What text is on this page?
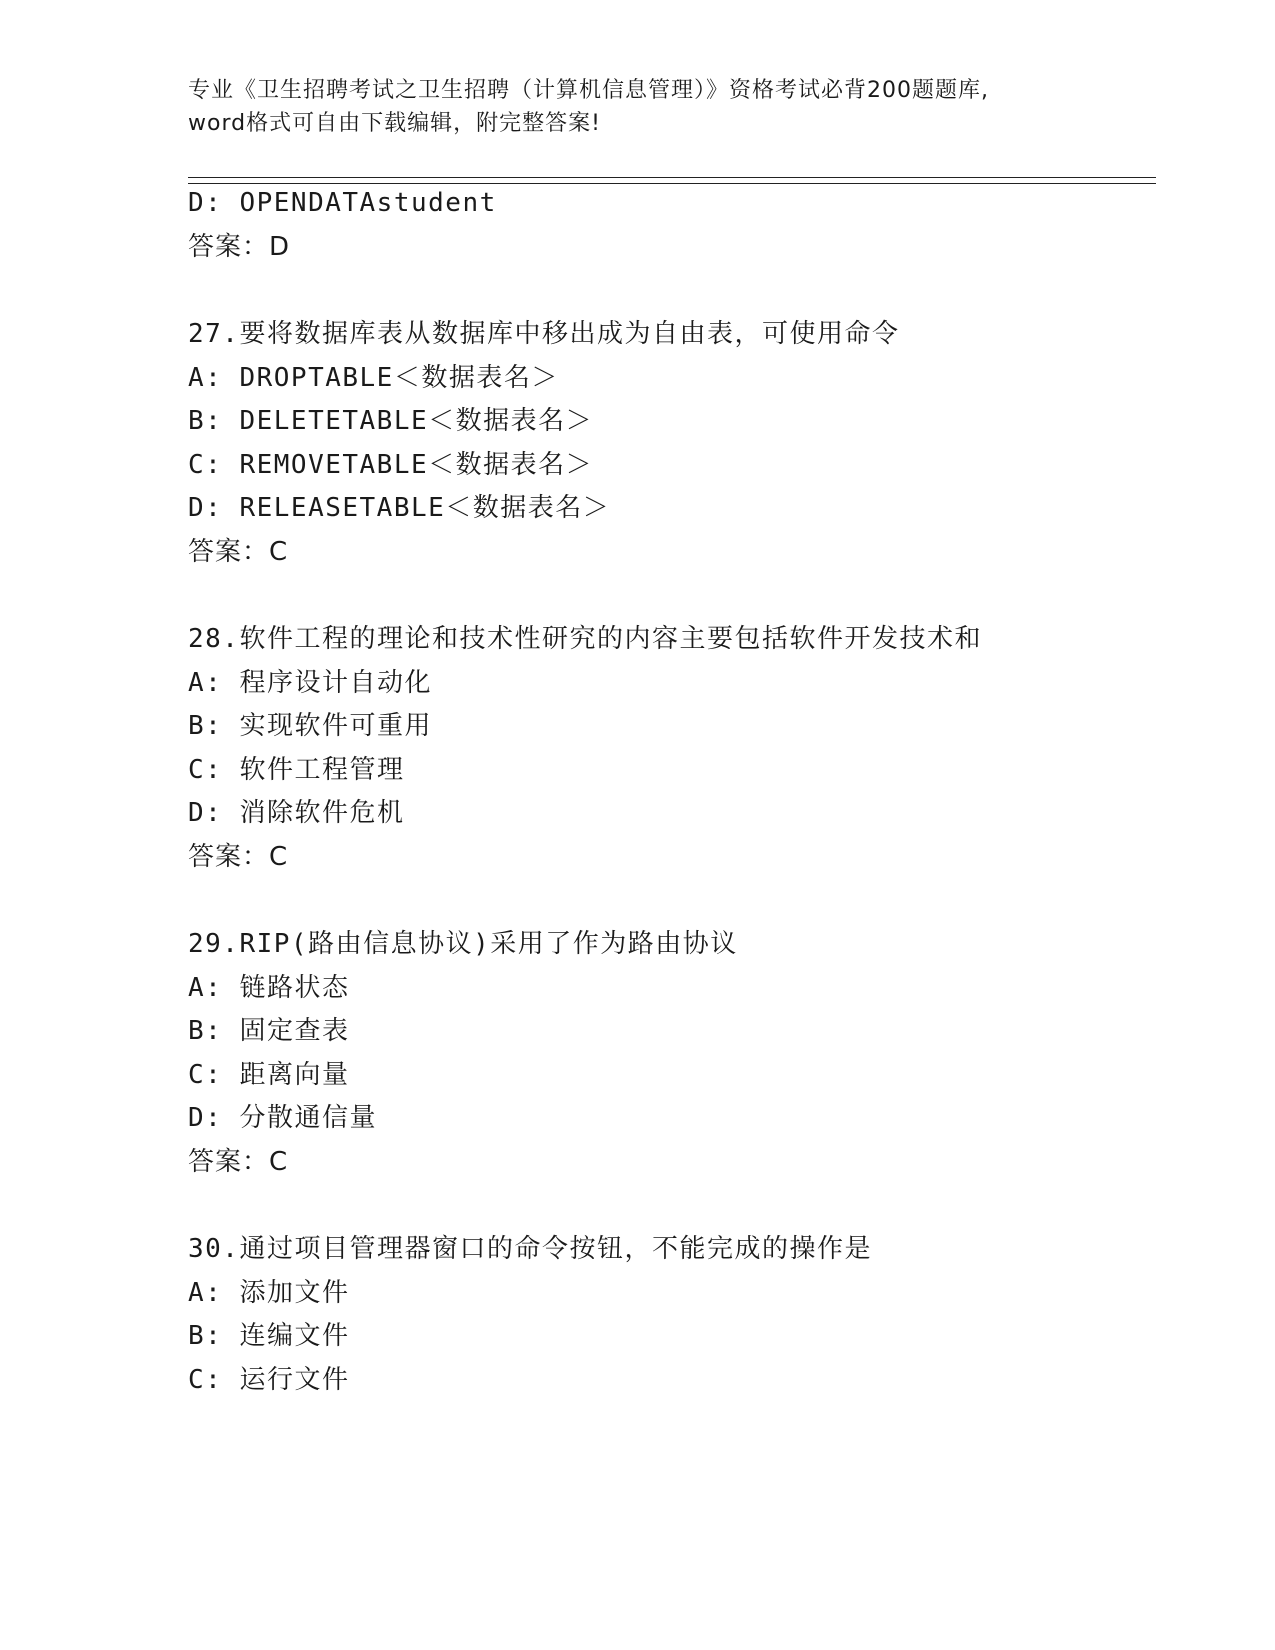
专业《卫生招聘考试之卫生招聘（计算机信息管理）》资格考试必背200题题库,
word格式可自由下载编辑，附完整答案!
D: OPENDATAstudent
答案：D
27.要将数据库表从数据库中移出成为自由表，可使用命令
A: DROPTABLE＜数据表名＞
B: DELETETABLE＜数据表名＞
C: REMOVETABLE＜数据表名＞
D: RELEASETABLE＜数据表名＞
答案：C
28.软件工程的理论和技术性研究的内容主要包括软件开发技术和
A: 程序设计自动化
B: 实现软件可重用
C: 软件工程管理
D: 消除软件危机
答案：C
29.RIP(路由信息协议)采用了作为路由协议
A: 链路状态
B: 固定查表
C: 距离向量
D: 分散通信量
答案：C
30.通过项目管理器窗口的命令按钮，不能完成的操作是
A: 添加文件
B: 连编文件
C: 运行文件
